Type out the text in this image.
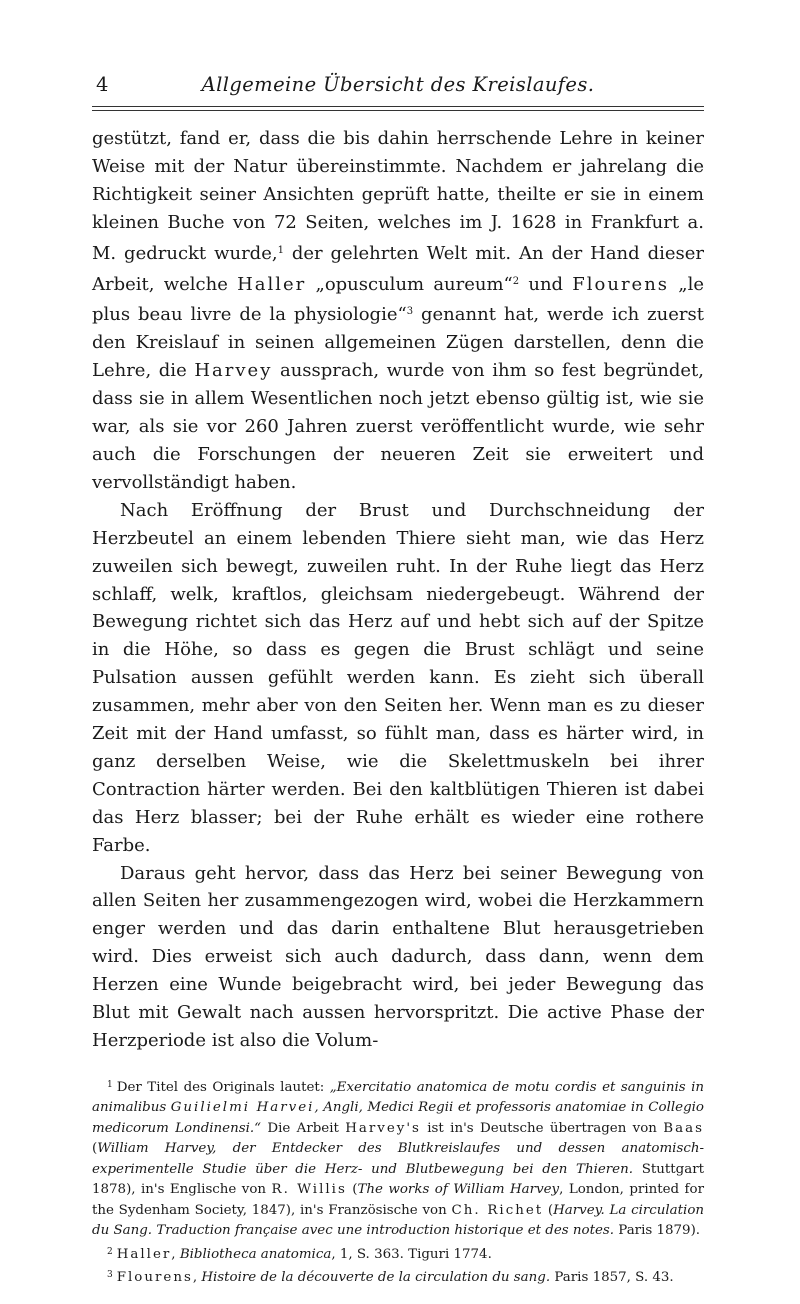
4	Allgemeine Übersicht des Kreislaufes.

gestützt, fand er, dass die bis dahin herrschende Lehre in keiner Weise mit der Natur übereinstimmte. Nachdem er jahrelang die Richtigkeit seiner Ansichten geprüft hatte, theilte er sie in einem kleinen Buche von 72 Seiten, welches im J. 1628 in Frankfurt a. M. gedruckt wurde,$^1$ der gelehrten Welt mit. An der Hand dieser Arbeit, welche Haller „opusculum aureum“$^2$ und Flourens „le plus beau livre de la physiologie“$^3$ genannt hat, werde ich zuerst den Kreislauf in seinen allgemeinen Zügen darstellen, denn die Lehre, die Harvey aussprach, wurde von ihm so fest begründet, dass sie in allem Wesentlichen noch jetzt ebenso gültig ist, wie sie war, als sie vor 260 Jahren zuerst veröffentlicht wurde, wie sehr auch die Forschungen der neueren Zeit sie erweitert und vervollständigt haben.

Nach Eröffnung der Brust und Durchschneidung der Herzbeutel an einem lebenden Thiere sieht man, wie das Herz zuweilen sich bewegt, zuweilen ruht. In der Ruhe liegt das Herz schlaff, welk, kraftlos, gleichsam niedergebeugt. Während der Bewegung richtet sich das Herz auf und hebt sich auf der Spitze in die Höhe, so dass es gegen die Brust schlägt und seine Pulsation aussen gefühlt werden kann. Es zieht sich überall zusammen, mehr aber von den Seiten her. Wenn man es zu dieser Zeit mit der Hand umfasst, so fühlt man, dass es härter wird, in ganz derselben Weise, wie die Skelettmuskeln bei ihrer Contraction härter werden. Bei den kaltblütigen Thieren ist dabei das Herz blasser; bei der Ruhe erhält es wieder eine rothere Farbe.

Daraus geht hervor, dass das Herz bei seiner Bewegung von allen Seiten her zusammengezogen wird, wobei die Herzkammern enger werden und das darin enthaltene Blut herausgetrieben wird. Dies erweist sich auch dadurch, dass dann, wenn dem Herzen eine Wunde beigebracht wird, bei jeder Bewegung das Blut mit Gewalt nach aussen hervorspritzt. Die active Phase der Herzperiode ist also die Volum-

$^1$ Der Titel des Originals lautet: „Exercitatio anatomica de motu cordis et sanguinis in animalibus Guilielmi Harvei, Angli, Medici Regii et professoris anatomiae in Collegio medicorum Londinensi.“ Die Arbeit Harvey's ist in's Deutsche übertragen von Baas (William Harvey, der Entdecker des Blutkreislaufes und dessen anatomisch-experimentelle Studie über die Herz- und Blutbewegung bei den Thieren. Stuttgart 1878), in's Englische von R. Willis (The works of William Harvey, London, printed for the Sydenham Society, 1847), in's Französische von Ch. Richet (Harvey. La circulation du Sang. Traduction française avec une introduction historique et des notes. Paris 1879).

$^2$ Haller, Bibliotheca anatomica, 1, S. 363. Tiguri 1774.

$^3$ Flourens, Histoire de la découverte de la circulation du sang. Paris 1857, S. 43.
